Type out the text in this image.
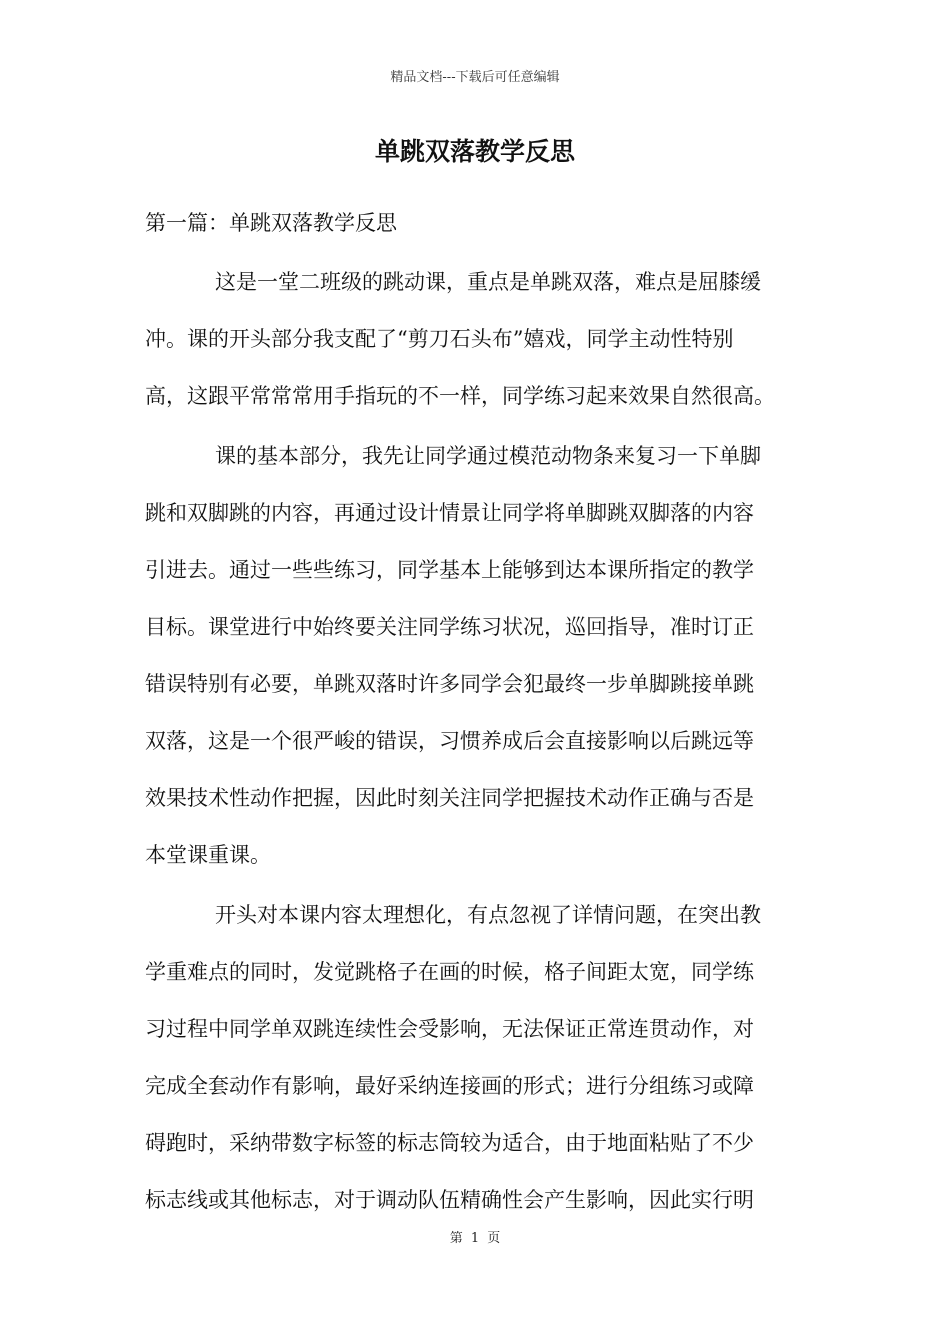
精品文档---下载后可任意编辑
单跳双落教学反思
第一篇：单跳双落教学反思
这是一堂二班级的跳动课，重点是单跳双落，难点是屈膝缓
冲。课的开头部分我支配了“剪刀石头布”嬉戏，同学主动性特别
高，这跟平常常常用手指玩的不一样，同学练习起来效果自然很高。
课的基本部分，我先让同学通过模范动物条来复习一下单脚
跳和双脚跳的内容，再通过设计情景让同学将单脚跳双脚落的内容
引进去。通过一些些练习，同学基本上能够到达本课所指定的教学
目标。课堂进行中始终要关注同学练习状况，巡回指导，准时订正
错误特别有必要，单跳双落时许多同学会犯最终一步单脚跳接单跳
双落，这是一个很严峻的错误，习惯养成后会直接影响以后跳远等
效果技术性动作把握，因此时刻关注同学把握技术动作正确与否是
本堂课重课。
开头对本课内容太理想化，有点忽视了详情问题，在突出教
学重难点的同时，发觉跳格子在画的时候，格子间距太宽，同学练
习过程中同学单双跳连续性会受影响，无法保证正常连贯动作，对
完成全套动作有影响，最好采纳连接画的形式；进行分组练习或障
碍跑时，采纳带数字标签的标志筒较为适合，由于地面粘贴了不少
标志线或其他标志，对于调动队伍精确性会产生影响，因此实行明
第 1 页
